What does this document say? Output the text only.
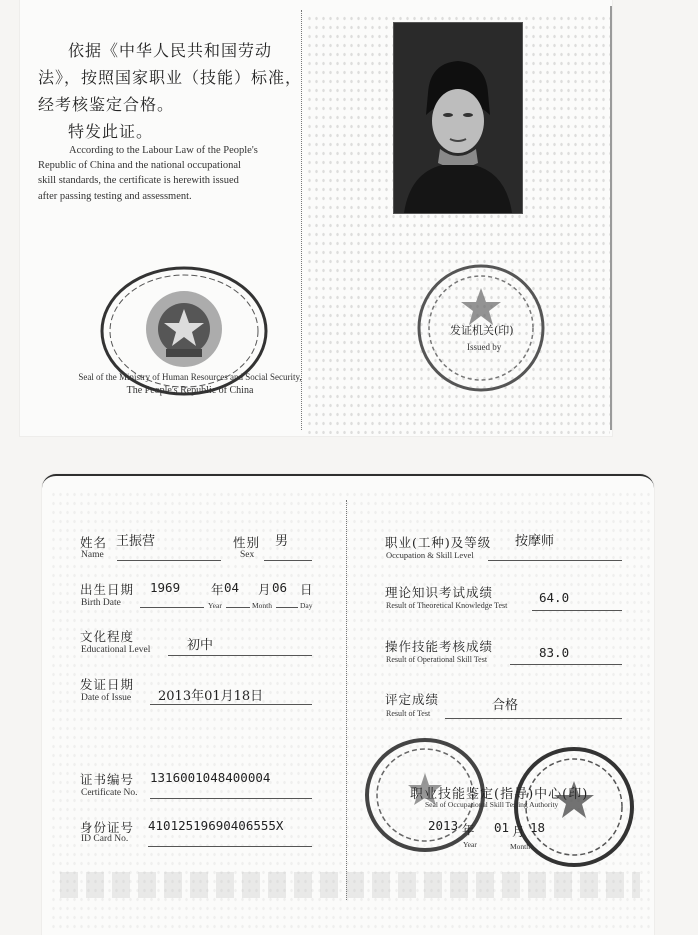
依据《中华人民共和国劳动
法》，按照国家职业（技能）标准，
经考核鉴定合格。
特发此证。
According to the Labour Law of the People's
Republic of China and the national occupational
skill standards, the certificate is herewith issued
after passing testing and assessment.
Seal of the Ministry of Human Resources and Social Security,
The People's Republic of China
发证机关(印)
Issued by
姓名 王振营
Name
性别 男
Sex
出生日期
Birth Date
1969 年 04 月 06 日
Year	Month	Day
文化程度
Educational Level	初中
发证日期
Date of Issue 2013年01月18日
证书编号 1316001048400004
Certificate No.
身份证号 41012519690406555X
ID Card No.
职业(工种)及等级 按摩师
Occupation & Skill Level
理论知识考试成绩	64.0
Result of Theoretical Knowledge Test
操作技能考核成绩	83.0
Result of Operational Skill Test
评定成绩	合格
Result of Test
职业技能鉴定(指导)中心(印)
Seal of Occupational Skill Testing Authority
2013 年
Year
01 月
Month
18
